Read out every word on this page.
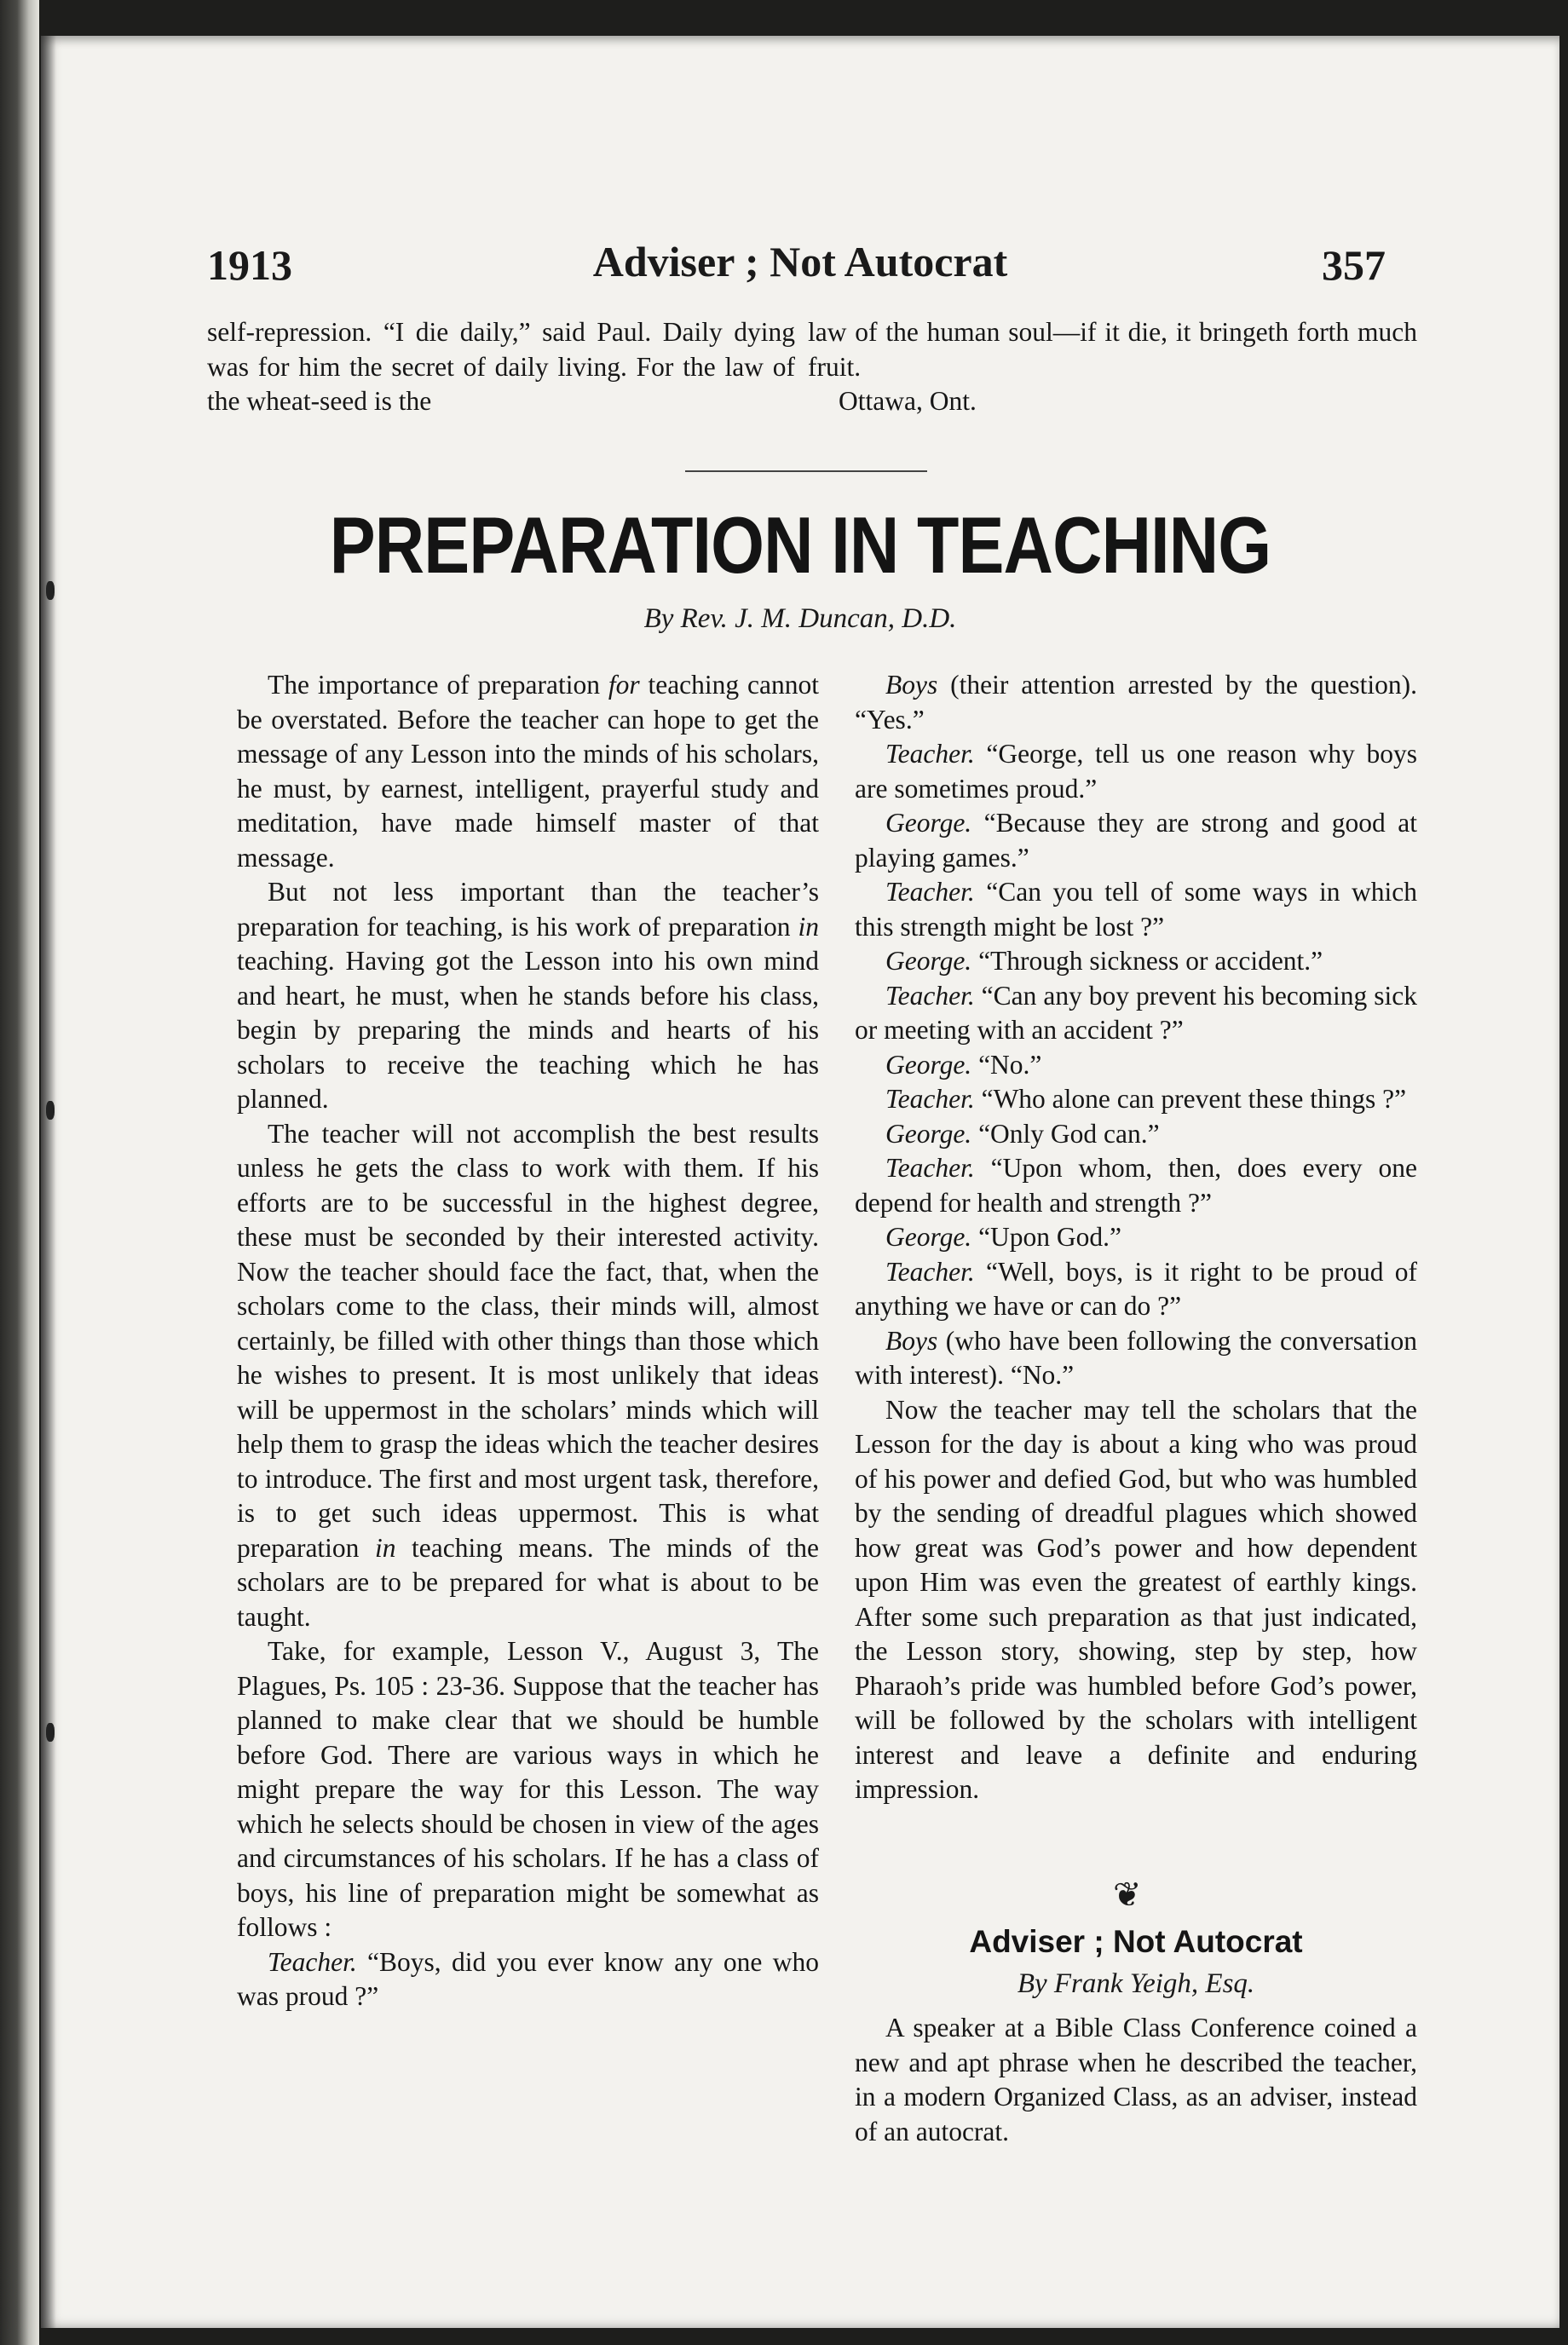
1913	Adviser ; Not Autocrat	357

self-repression. “I die daily,” said Paul. Daily dying was for him the secret of daily living. For the law of the wheat-seed is the

law of the human soul—if it die, it bringeth forth much fruit.

Ottawa, Ont.

PREPARATION IN TEACHING
By Rev. J. M. Duncan, D.D.

The importance of preparation for teaching cannot be overstated. Before the teacher can hope to get the message of any Lesson into the minds of his scholars, he must, by earnest, intelligent, prayerful study and meditation, have made himself master of that message.

But not less important than the teacher’s preparation for teaching, is his work of preparation in teaching. Having got the Lesson into his own mind and heart, he must, when he stands before his class, begin by preparing the minds and hearts of his scholars to receive the teaching which he has planned.

The teacher will not accomplish the best results unless he gets the class to work with them. If his efforts are to be successful in the highest degree, these must be seconded by their interested activity. Now the teacher should face the fact, that, when the scholars come to the class, their minds will, almost certainly, be filled with other things than those which he wishes to present. It is most unlikely that ideas will be uppermost in the scholars’ minds which will help them to grasp the ideas which the teacher desires to introduce. The first and most urgent task, therefore, is to get such ideas uppermost. This is what preparation in teaching means. The minds of the scholars are to be prepared for what is about to be taught.

Take, for example, Lesson V., August 3, The Plagues, Ps. 105 : 23-36. Suppose that the teacher has planned to make clear that we should be humble before God. There are various ways in which he might prepare the way for this Lesson. The way which he selects should be chosen in view of the ages and circumstances of his scholars. If he has a class of boys, his line of preparation might be somewhat as follows :

Teacher. “Boys, did you ever know any one who was proud ?”

Boys (their attention arrested by the question). “Yes.”

Teacher. “George, tell us one reason why boys are sometimes proud.”

George. “Because they are strong and good at playing games.”

Teacher. “Can you tell of some ways in which this strength might be lost ?”

George. “Through sickness or accident.”

Teacher. “Can any boy prevent his becoming sick or meeting with an accident ?”

George. “No.”

Teacher. “Who alone can prevent these things ?”

George. “Only God can.”

Teacher. “Upon whom, then, does every one depend for health and strength ?”

George. “Upon God.”

Teacher. “Well, boys, is it right to be proud of anything we have or can do ?”

Boys (who have been following the conversation with interest). “No.”

Now the teacher may tell the scholars that the Lesson for the day is about a king who was proud of his power and defied God, but who was humbled by the sending of dreadful plagues which showed how great was God’s power and how dependent upon Him was even the greatest of earthly kings. After some such preparation as that just indicated, the Lesson story, showing, step by step, how Pharaoh’s pride was humbled before God’s power, will be followed by the scholars with intelligent interest and leave a definite and enduring impression.

❦
Adviser ; Not Autocrat
By Frank Yeigh, Esq.

A speaker at a Bible Class Conference coined a new and apt phrase when he described the teacher, in a modern Organized Class, as an adviser, instead of an autocrat.
